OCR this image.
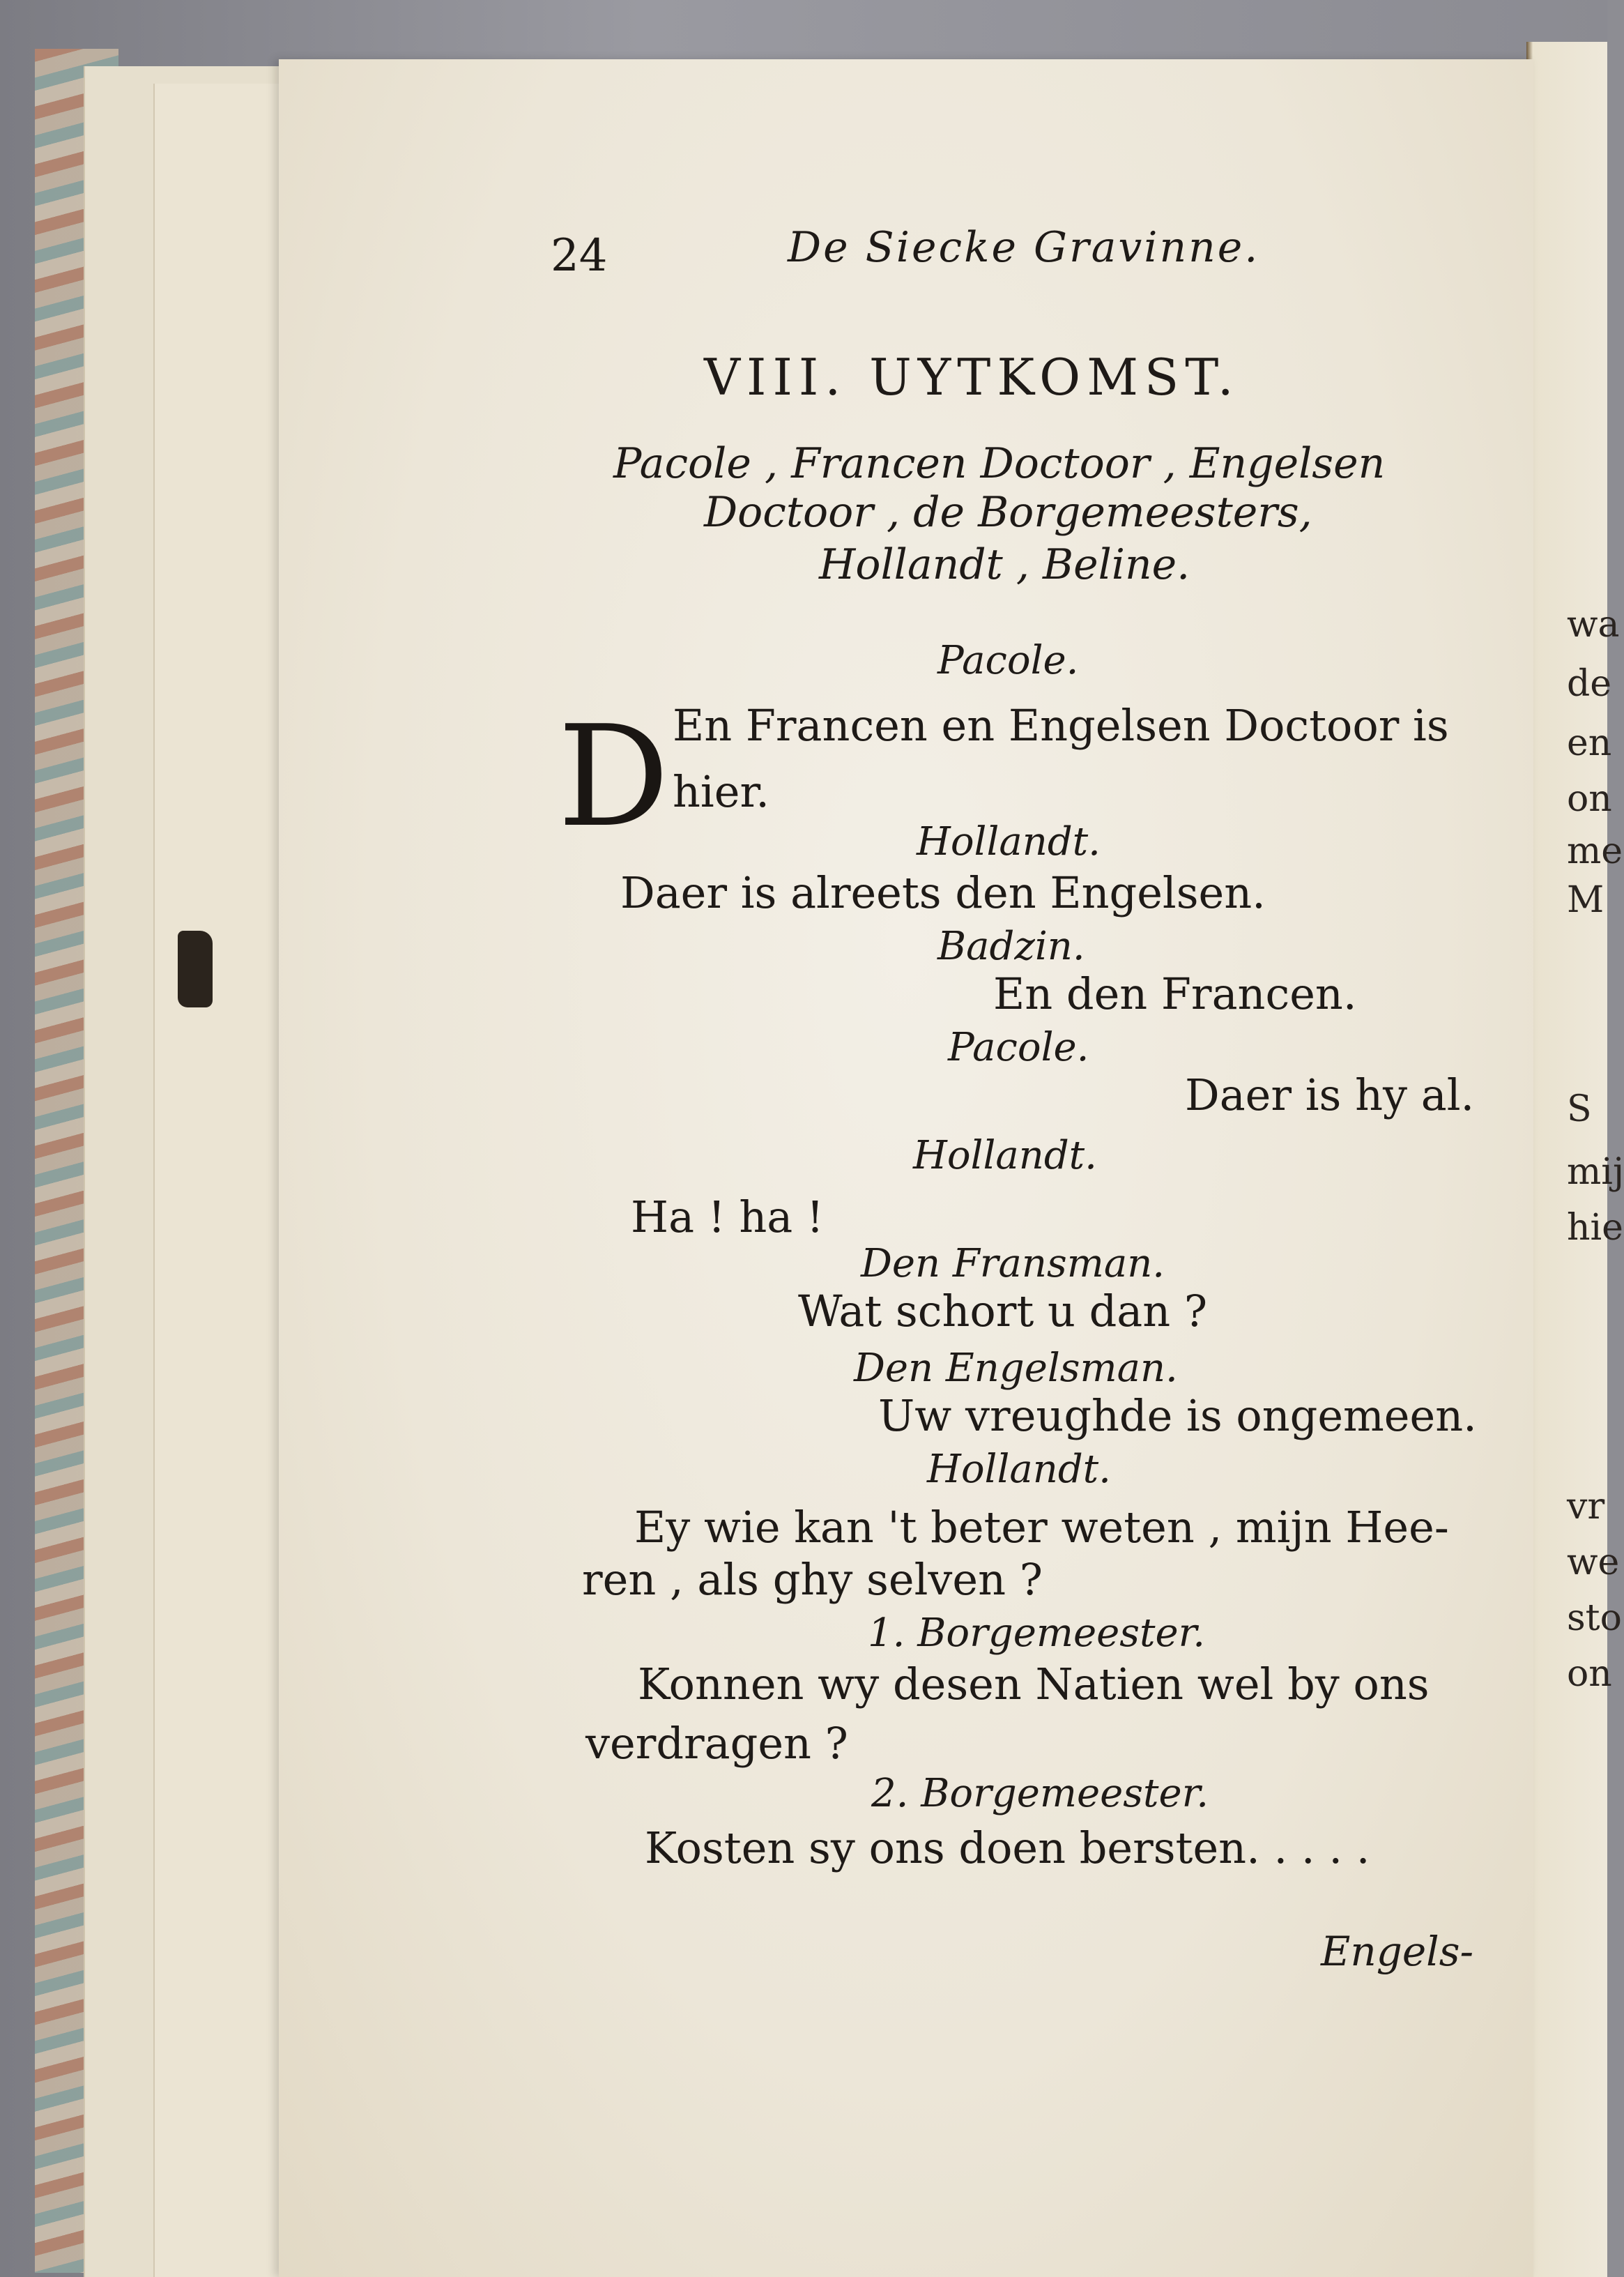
wa
de
en
on
me
M
S
mij
hie
vr
we
sto
on
24	De Siecke Gravinne.
VIII. UYTKOMST.
Pacole , Francen Doctoor , Engelsen
Doctoor , de Borgemeesters,
Hollandt , Beline.
Pacole.
D En Francen en Engelsen Doctoor is
hier.
Hollandt.
Daer is alreets den Engelsen.
Badzin.
En den Francen.
Pacole.
Daer is hy al.
Hollandt.
Ha ! ha !
Den Fransman.
Wat schort u dan ?
Den Engelsman.
Uw vreughde is ongemeen.
Hollandt.
Ey wie kan 't beter weten , mijn Hee-
ren , als ghy selven ?
1. Borgemeester.
Konnen wy desen Natien wel by ons
verdragen ?
2. Borgemeester.
Kosten sy ons doen bersten. . . . .
Engels-
